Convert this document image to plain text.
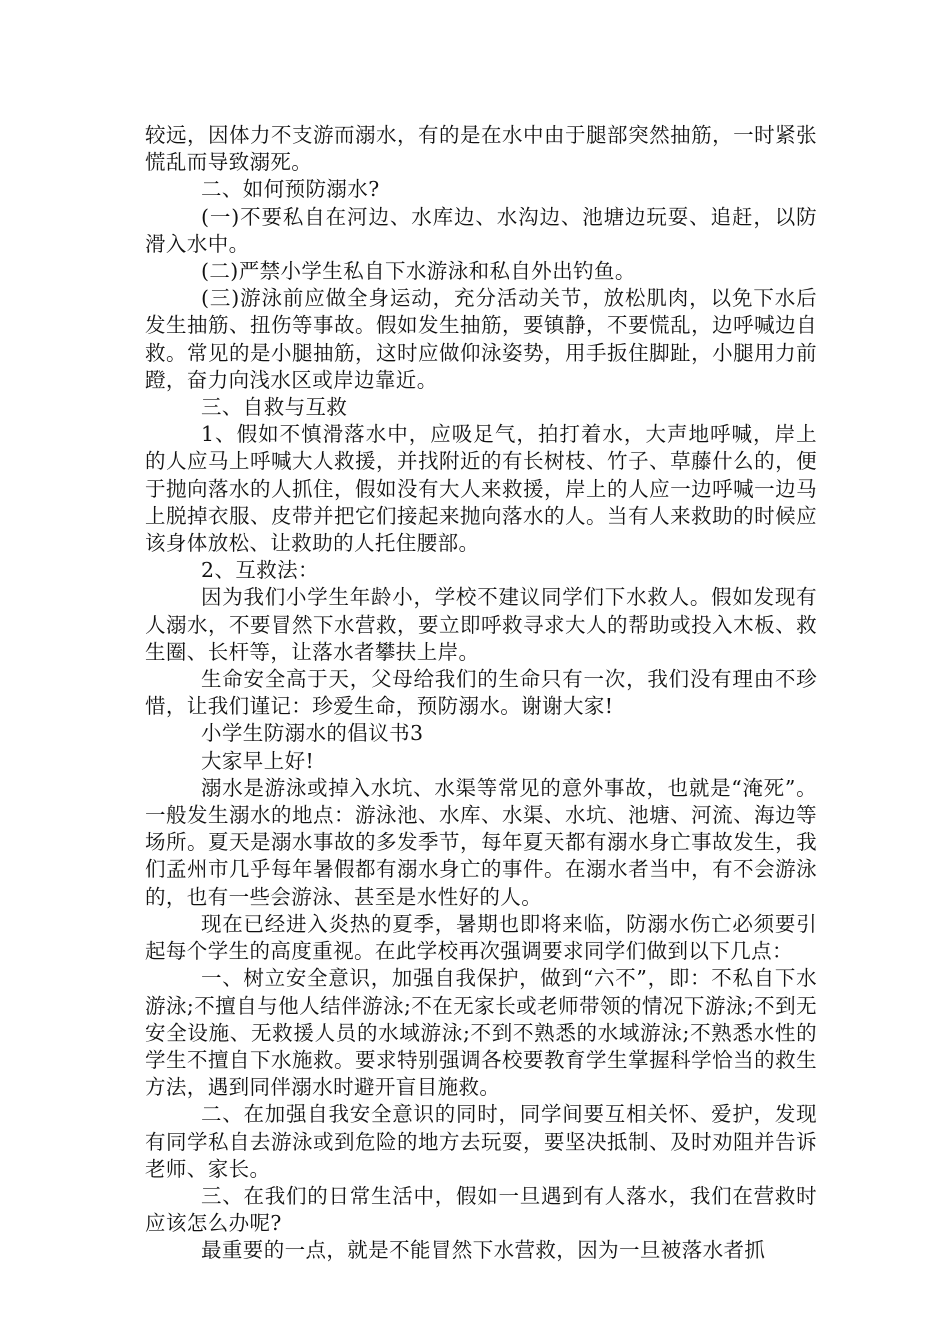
较远，因体力不支游而溺水，有的是在水中由于腿部突然抽筋，一时紧张慌乱而导致溺死。

二、如何预防溺水?

(一)不要私自在河边、水库边、水沟边、池塘边玩耍、追赶，以防滑入水中。

(二)严禁小学生私自下水游泳和私自外出钓鱼。

(三)游泳前应做全身运动，充分活动关节，放松肌肉，以免下水后发生抽筋、扭伤等事故。假如发生抽筋，要镇静，不要慌乱，边呼喊边自救。常见的是小腿抽筋，这时应做仰泳姿势，用手扳住脚趾，小腿用力前蹬，奋力向浅水区或岸边靠近。

三、自救与互救

1、假如不慎滑落水中，应吸足气，拍打着水，大声地呼喊，岸上的人应马上呼喊大人救援，并找附近的有长树枝、竹子、草藤什么的，便于抛向落水的人抓住，假如没有大人来救援，岸上的人应一边呼喊一边马上脱掉衣服、皮带并把它们接起来抛向落水的人。当有人来救助的时候应该身体放松、让救助的人托住腰部。

2、互救法：

因为我们小学生年龄小，学校不建议同学们下水救人。假如发现有人溺水，不要冒然下水营救，要立即呼救寻求大人的帮助或投入木板、救生圈、长杆等，让落水者攀扶上岸。

生命安全高于天，父母给我们的生命只有一次，我们没有理由不珍惜，让我们谨记：珍爱生命，预防溺水。谢谢大家!

小学生防溺水的倡议书3

大家早上好!

溺水是游泳或掉入水坑、水渠等常见的意外事故，也就是“淹死”。一般发生溺水的地点：游泳池、水库、水渠、水坑、池塘、河流、海边等场所。夏天是溺水事故的多发季节，每年夏天都有溺水身亡事故发生，我们孟州市几乎每年暑假都有溺水身亡的事件。在溺水者当中，有不会游泳的，也有一些会游泳、甚至是水性好的人。

现在已经进入炎热的夏季，暑期也即将来临，防溺水伤亡必须要引起每个学生的高度重视。在此学校再次强调要求同学们做到以下几点：

一、树立安全意识，加强自我保护，做到“六不”，即：不私自下水游泳;不擅自与他人结伴游泳;不在无家长或老师带领的情况下游泳;不到无安全设施、无救援人员的水域游泳;不到不熟悉的水域游泳;不熟悉水性的学生不擅自下水施救。要求特别强调各校要教育学生掌握科学恰当的救生方法，遇到同伴溺水时避开盲目施救。

二、在加强自我安全意识的同时，同学间要互相关怀、爱护，发现有同学私自去游泳或到危险的地方去玩耍，要坚决抵制、及时劝阻并告诉老师、家长。

三、在我们的日常生活中，假如一旦遇到有人落水，我们在营救时应该怎么办呢?

最重要的一点，就是不能冒然下水营救，因为一旦被落水者抓
